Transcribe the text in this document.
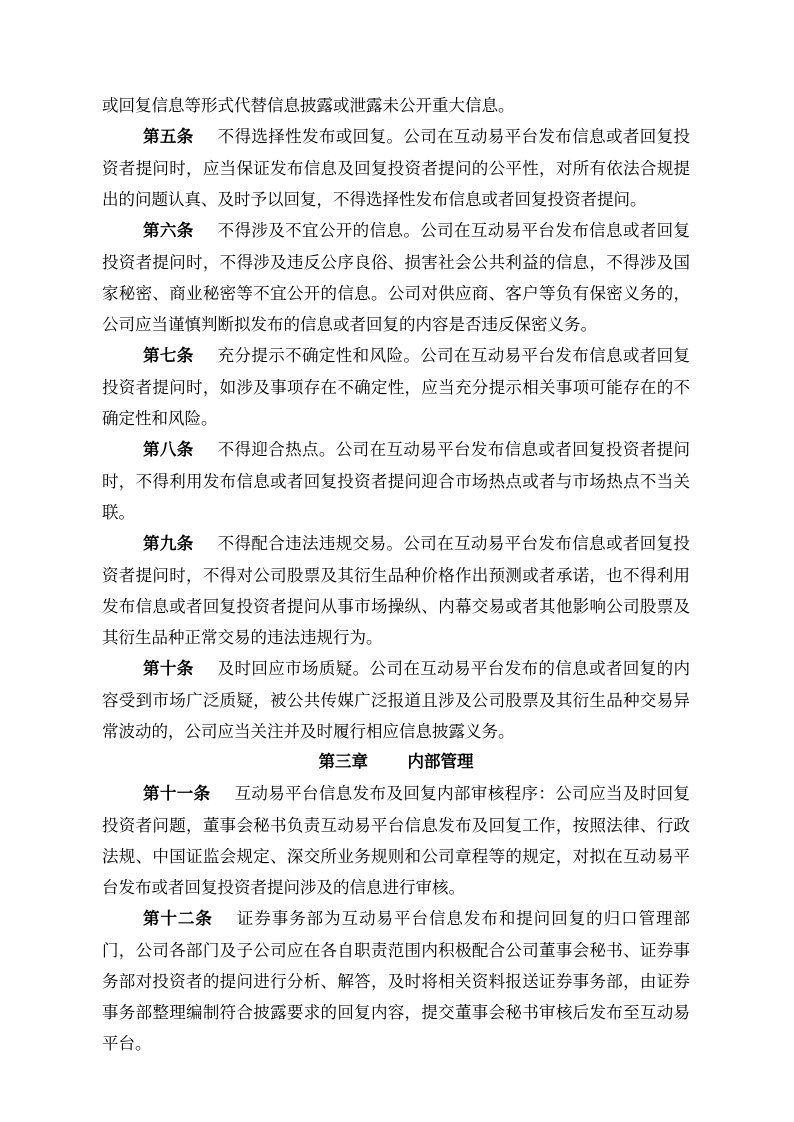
或回复信息等形式代替信息披露或泄露未公开重大信息。

第五条 不得选择性发布或回复。公司在互动易平台发布信息或者回复投资者提问时，应当保证发布信息及回复投资者提问的公平性，对所有依法合规提出的问题认真、及时予以回复，不得选择性发布信息或者回复投资者提问。

第六条 不得涉及不宜公开的信息。公司在互动易平台发布信息或者回复投资者提问时，不得涉及违反公序良俗、损害社会公共利益的信息，不得涉及国家秘密、商业秘密等不宜公开的信息。公司对供应商、客户等负有保密义务的，公司应当谨慎判断拟发布的信息或者回复的内容是否违反保密义务。

第七条 充分提示不确定性和风险。公司在互动易平台发布信息或者回复投资者提问时，如涉及事项存在不确定性，应当充分提示相关事项可能存在的不确定性和风险。

第八条 不得迎合热点。公司在互动易平台发布信息或者回复投资者提问时，不得利用发布信息或者回复投资者提问迎合市场热点或者与市场热点不当关联。

第九条 不得配合违法违规交易。公司在互动易平台发布信息或者回复投资者提问时，不得对公司股票及其衍生品种价格作出预测或者承诺，也不得利用发布信息或者回复投资者提问从事市场操纵、内幕交易或者其他影响公司股票及其衍生品种正常交易的违法违规行为。

第十条 及时回应市场质疑。公司在互动易平台发布的信息或者回复的内容受到市场广泛质疑，被公共传媒广泛报道且涉及公司股票及其衍生品种交易异常波动的，公司应当关注并及时履行相应信息披露义务。

第三章 内部管理

第十一条 互动易平台信息发布及回复内部审核程序：公司应当及时回复投资者问题，董事会秘书负责互动易平台信息发布及回复工作，按照法律、行政法规、中国证监会规定、深交所业务规则和公司章程等的规定，对拟在互动易平台发布或者回复投资者提问涉及的信息进行审核。

第十二条 证券事务部为互动易平台信息发布和提问回复的归口管理部门，公司各部门及子公司应在各自职责范围内积极配合公司董事会秘书、证券事务部对投资者的提问进行分析、解答，及时将相关资料报送证券事务部，由证券事务部整理编制符合披露要求的回复内容，提交董事会秘书审核后发布至互动易平台。
